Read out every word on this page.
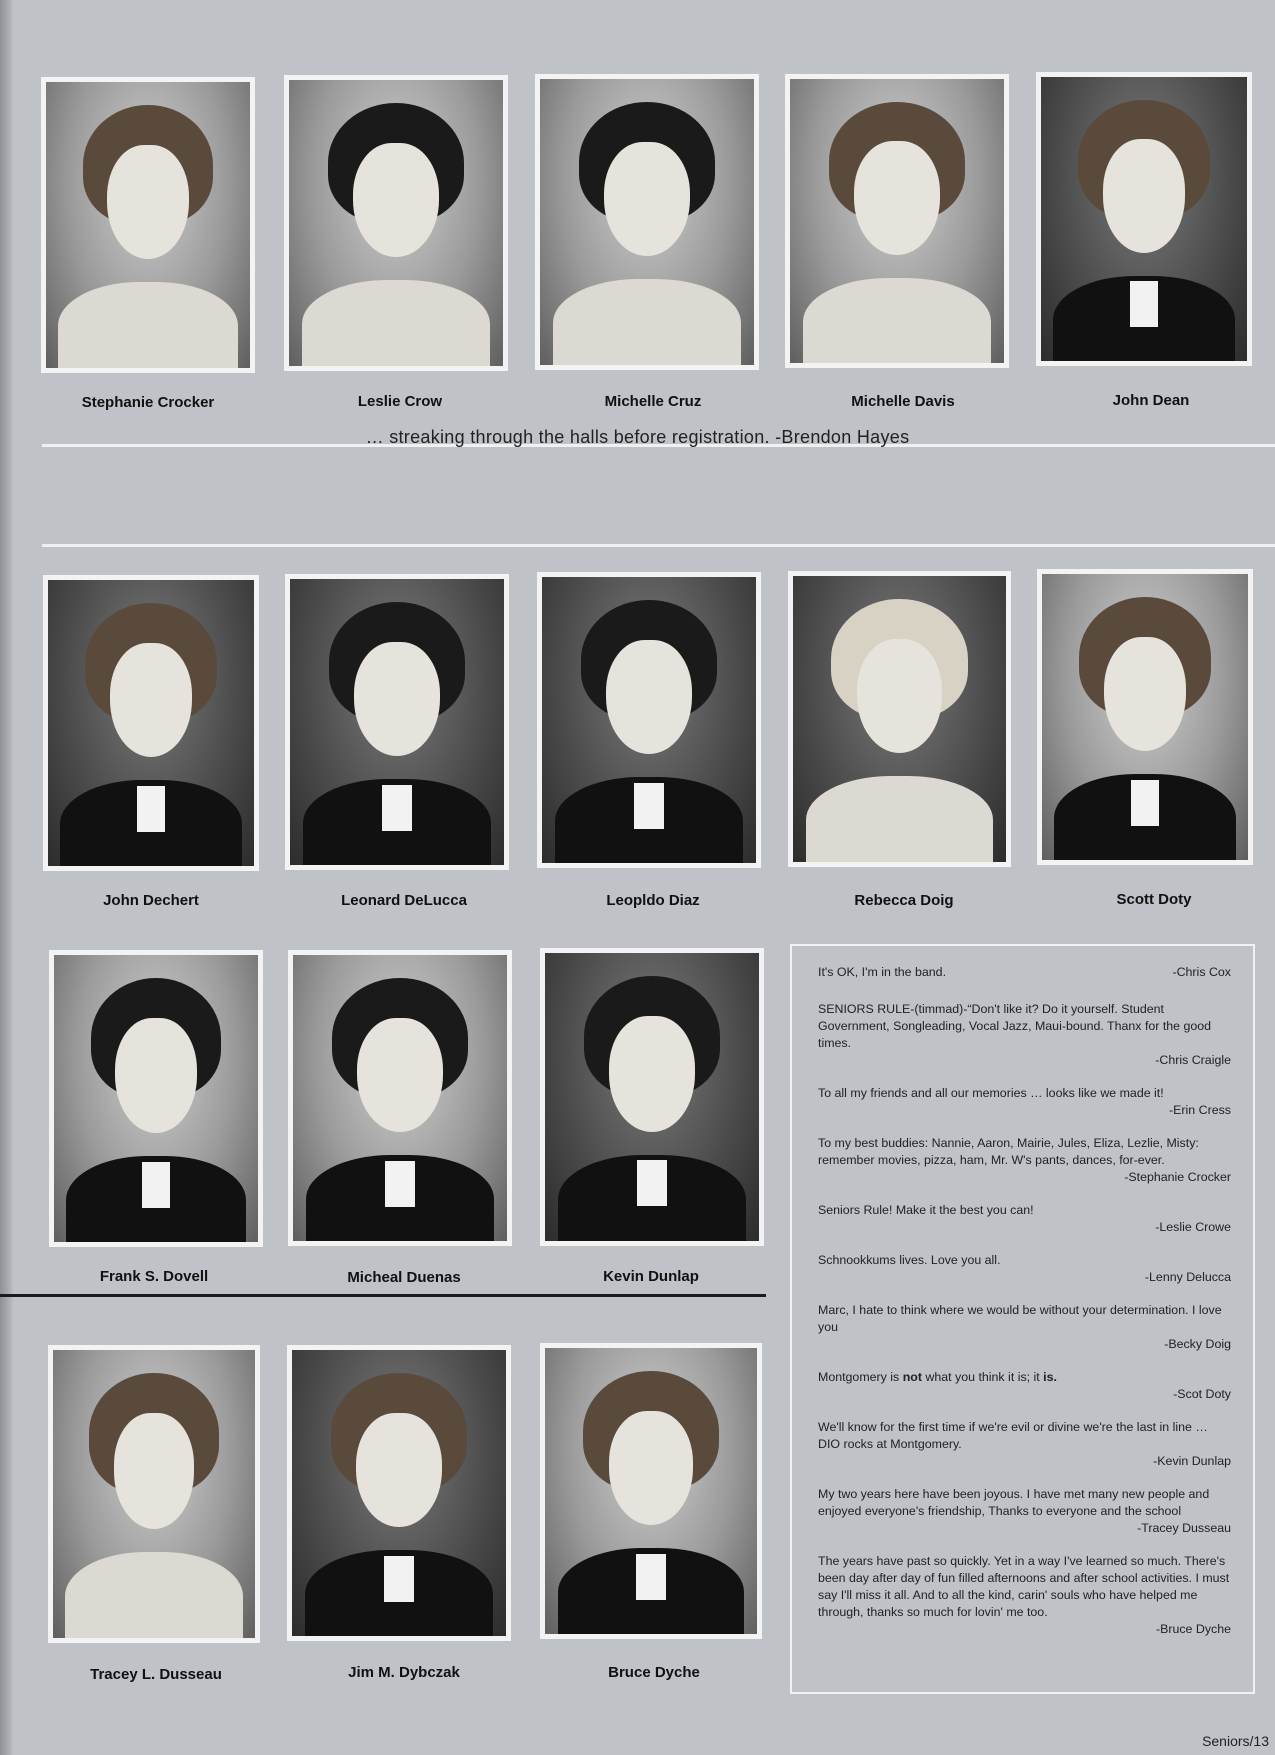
Stephanie Crocker	Leslie Crow	Michelle Cruz	Michelle Davis	John Dean
… streaking through the halls before registration. -Brendon Hayes
John Dechert	Leonard DeLucca	Leopldo Diaz	Rebecca Doig	Scott Doty
Frank S. Dovell	Micheal Duenas	Kevin Dunlap
Tracey L. Dusseau	Jim M. Dybczak	Bruce Dyche
It's OK, I'm in the band.	-Chris Cox
SENIORS RULE-(timmad)-“Don't like it? Do it yourself. Student Government, Songleading, Vocal Jazz, Maui-bound. Thanx for the good times.
-Chris Craigle
To all my friends and all our memories … looks like we made it!
-Erin Cress
To my best buddies: Nannie, Aaron, Mairie, Jules, Eliza, Lezlie, Misty: remember movies, pizza, ham, Mr. W's pants, dances, for-ever.
-Stephanie Crocker
Seniors Rule! Make it the best you can!
-Leslie Crowe
Schnookkums lives. Love you all.
-Lenny Delucca
Marc, I hate to think where we would be without your determination. I love you
-Becky Doig
Montgomery is not what you think it is; it is.
-Scot Doty
We'll know for the first time if we're evil or divine we're the last in line … DIO rocks at Montgomery.
-Kevin Dunlap
My two years here have been joyous. I have met many new people and enjoyed everyone's friendship, Thanks to everyone and the school
-Tracey Dusseau
The years have past so quickly. Yet in a way I've learned so much. There's been day after day of fun filled afternoons and after school activities. I must say I'll miss it all. And to all the kind, carin' souls who have helped me through, thanks so much for lovin' me too.
-Bruce Dyche
Seniors/13
